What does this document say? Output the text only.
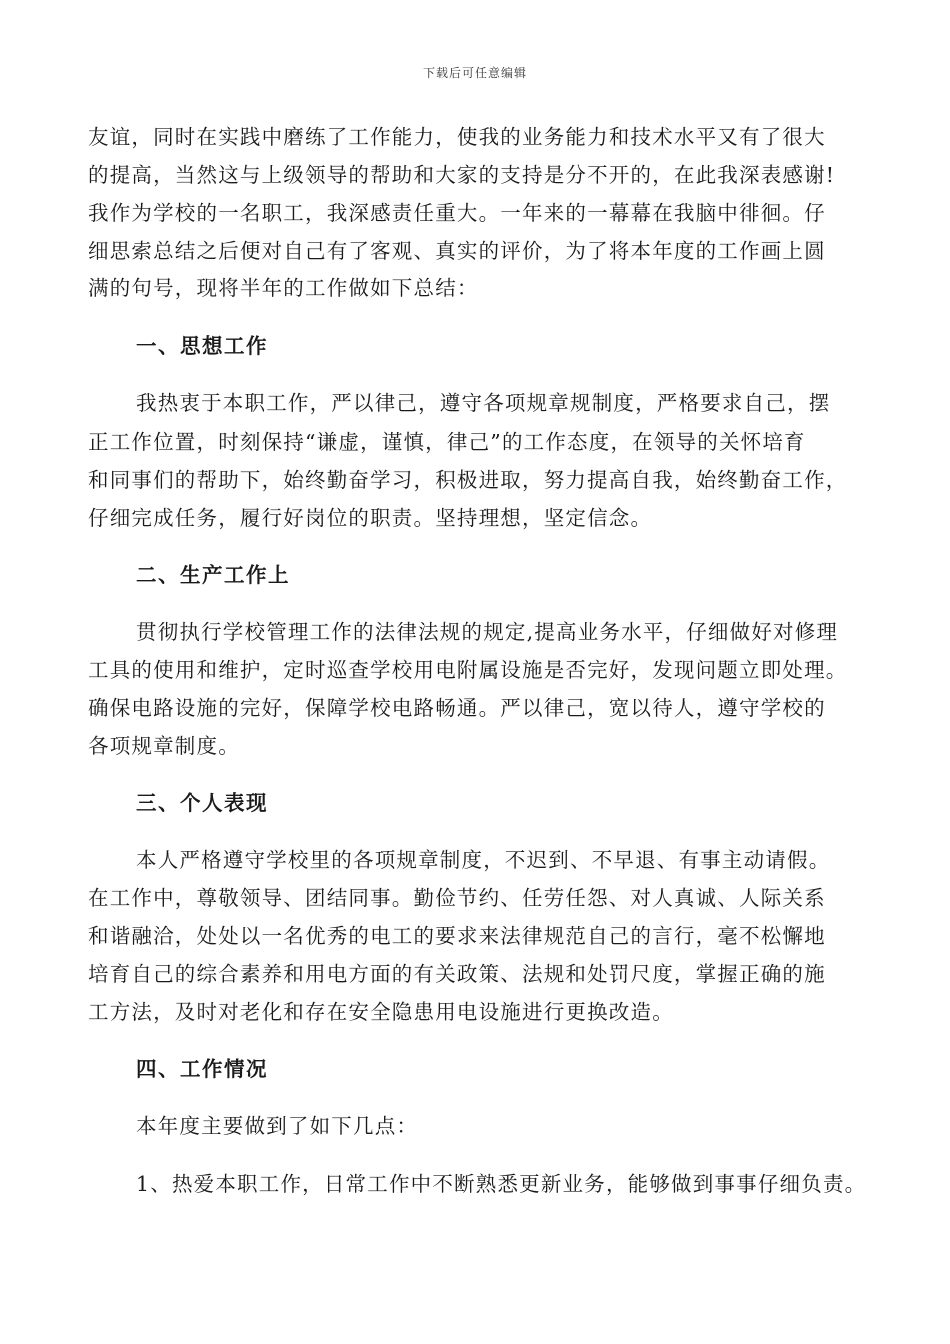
下载后可任意编辑
友谊，同时在实践中磨练了工作能力，使我的业务能力和技术水平又有了很大
的提高，当然这与上级领导的帮助和大家的支持是分不开的，在此我深表感谢!
我作为学校的一名职工，我深感责任重大。一年来的一幕幕在我脑中徘徊。仔
细思索总结之后便对自己有了客观、真实的评价，为了将本年度的工作画上圆
满的句号，现将半年的工作做如下总结：
一、思想工作
我热衷于本职工作，严以律己，遵守各项规章规制度，严格要求自己，摆
正工作位置，时刻保持“谦虚，谨慎，律己”的工作态度，在领导的关怀培育
和同事们的帮助下，始终勤奋学习，积极进取，努力提高自我，始终勤奋工作，
仔细完成任务，履行好岗位的职责。坚持理想，坚定信念。
二、生产工作上
贯彻执行学校管理工作的法律法规的规定,提高业务水平，仔细做好对修理
工具的使用和维护，定时巡查学校用电附属设施是否完好，发现问题立即处理。
确保电路设施的完好，保障学校电路畅通。严以律己，宽以待人，遵守学校的
各项规章制度。
三、个人表现
本人严格遵守学校里的各项规章制度，不迟到、不早退、有事主动请假。
在工作中，尊敬领导、团结同事。勤俭节约、任劳任怨、对人真诚、人际关系
和谐融洽，处处以一名优秀的电工的要求来法律规范自己的言行，毫不松懈地
培育自己的综合素养和用电方面的有关政策、法规和处罚尺度，掌握正确的施
工方法，及时对老化和存在安全隐患用电设施进行更换改造。
四、工作情况
本年度主要做到了如下几点：
1、热爱本职工作，日常工作中不断熟悉更新业务，能够做到事事仔细负责。
